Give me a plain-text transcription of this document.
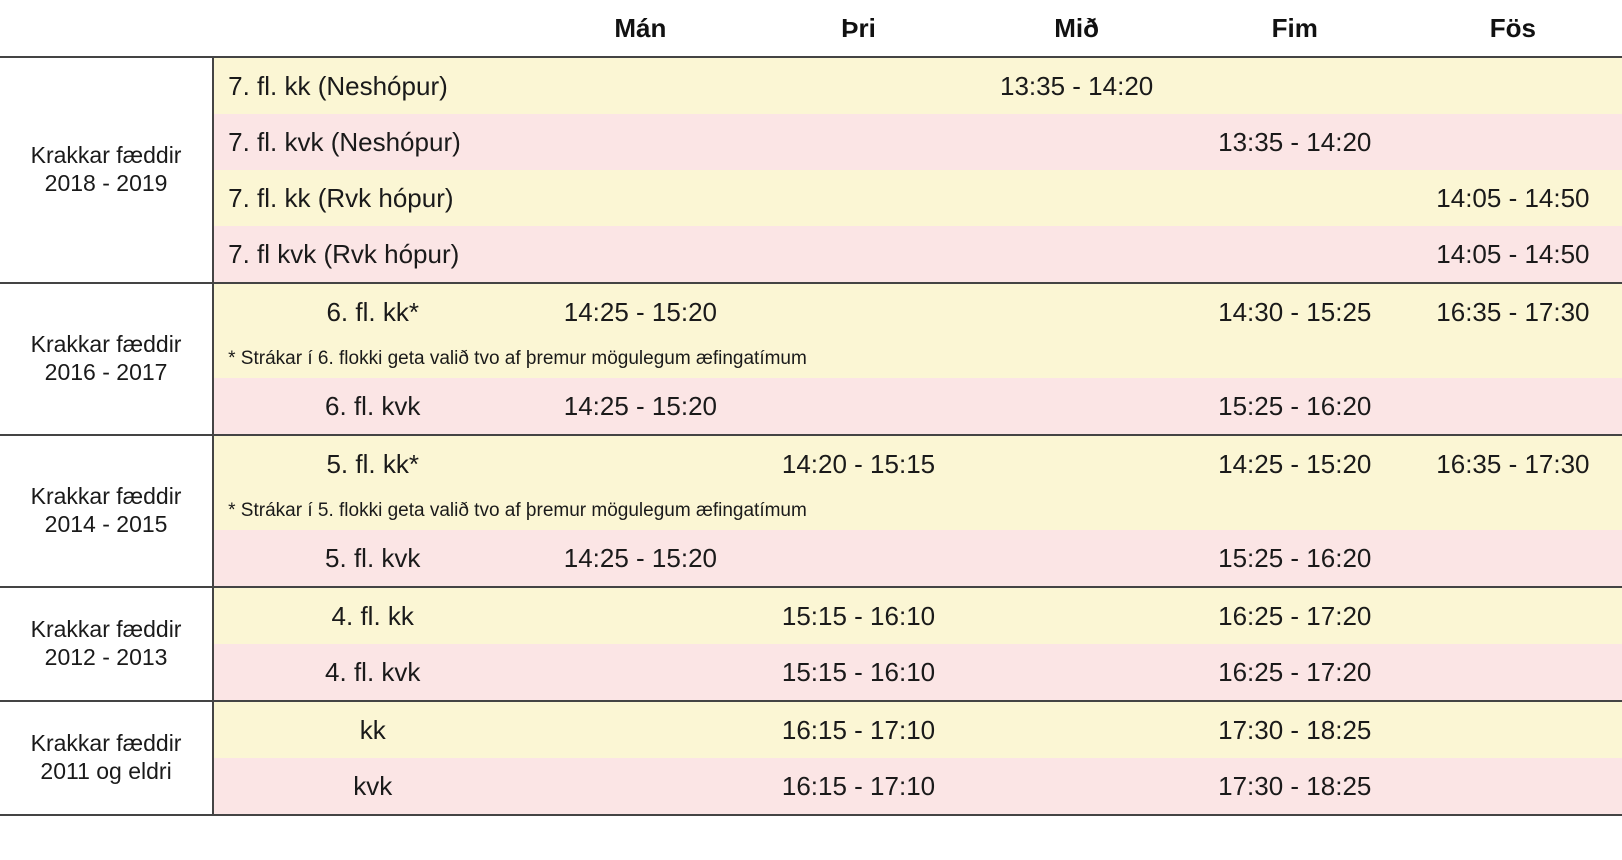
		Mán	Þri	Mið	Fim	Fös

Krakkar fæddir
2018 - 2019	7. fl. kk (Neshópur)			13:35 - 14:20		
	7. fl. kvk (Neshópur)				13:35 - 14:20	
	7. fl. kk (Rvk hópur)					14:05 - 14:50
	7. fl kvk (Rvk hópur)					14:05 - 14:50

Krakkar fæddir
2016 - 2017	6. fl. kk*	14:25 - 15:20			14:30 - 15:25	16:35 - 17:30
	* Strákar í 6. flokki geta valið tvo af þremur mögulegum æfingatímum					
	6. fl. kvk	14:25 - 15:20			15:25 - 16:20	

Krakkar fæddir
2014 - 2015	5. fl. kk*		14:20 - 15:15		14:25 - 15:20	16:35 - 17:30
	* Strákar í 5. flokki geta valið tvo af þremur mögulegum æfingatímum					
	5. fl. kvk	14:25 - 15:20			15:25 - 16:20	

Krakkar fæddir
2012 - 2013	4. fl. kk		15:15 - 16:10		16:25 - 17:20	
	4. fl. kvk		15:15 - 16:10		16:25 - 17:20	

Krakkar fæddir
2011 og eldri	kk		16:15 - 17:10		17:30 - 18:25	
	kvk		16:15 - 17:10		17:30 - 18:25	
